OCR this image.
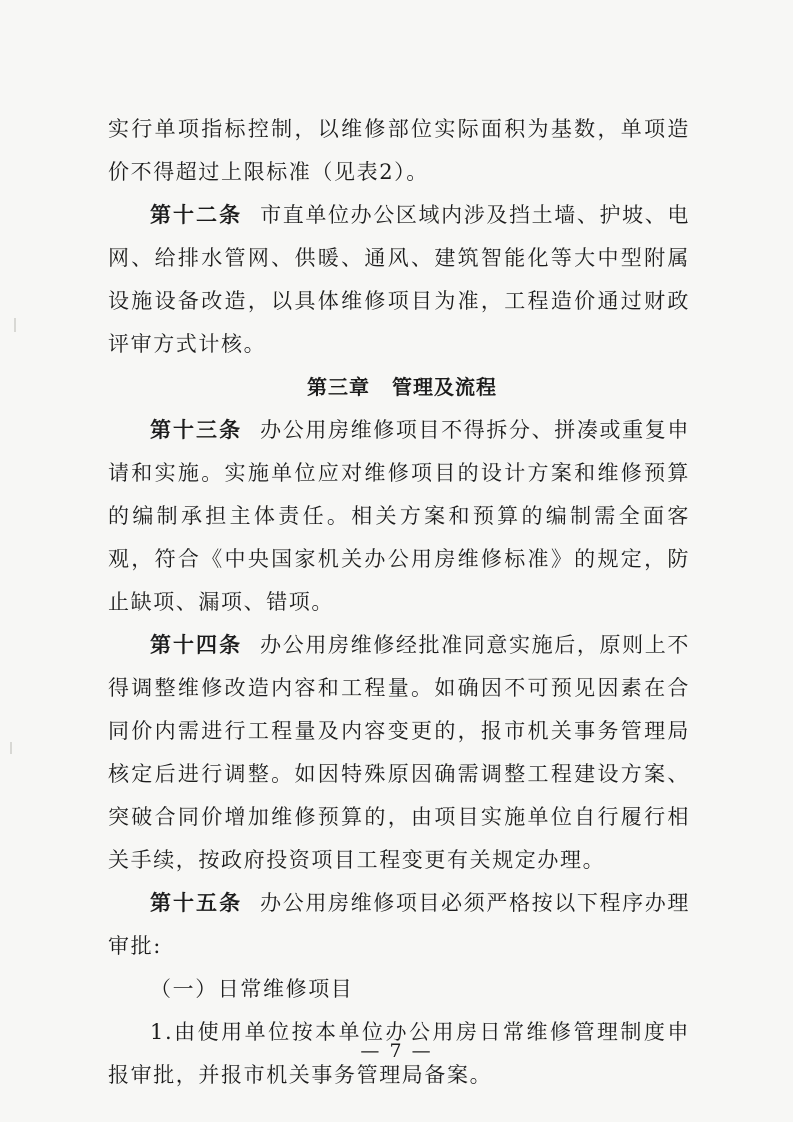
实行单项指标控制，以维修部位实际面积为基数，单项造价不得超过上限标准（见表2）。

第十二条 市直单位办公区域内涉及挡土墙、护坡、电网、给排水管网、供暖、通风、建筑智能化等大中型附属设施设备改造，以具体维修项目为准，工程造价通过财政评审方式计核。

第三章 管理及流程

第十三条 办公用房维修项目不得拆分、拼凑或重复申请和实施。实施单位应对维修项目的设计方案和维修预算的编制承担主体责任。相关方案和预算的编制需全面客观，符合《中央国家机关办公用房维修标准》的规定，防止缺项、漏项、错项。

第十四条 办公用房维修经批准同意实施后，原则上不得调整维修改造内容和工程量。如确因不可预见因素在合同价内需进行工程量及内容变更的，报市机关事务管理局核定后进行调整。如因特殊原因确需调整工程建设方案、突破合同价增加维修预算的，由项目实施单位自行履行相关手续，按政府投资项目工程变更有关规定办理。

第十五条 办公用房维修项目必须严格按以下程序办理审批:

（一）日常维修项目

1.由使用单位按本单位办公用房日常维修管理制度申报审批，并报市机关事务管理局备案。

— 7 —
